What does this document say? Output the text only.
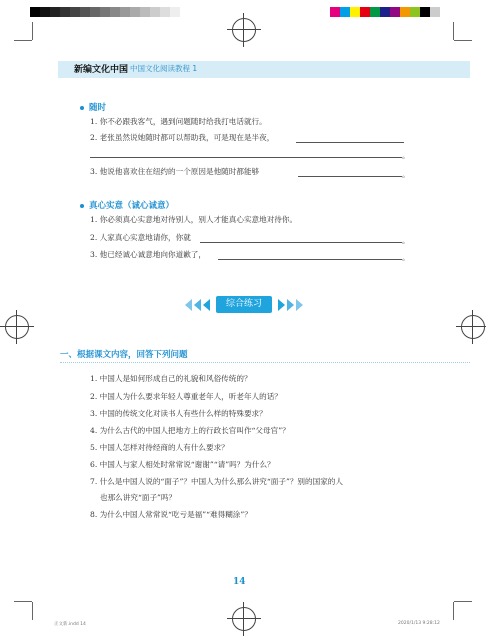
新编文化中国 中国文化阅读教程 1
随时
1. 你不必跟我客气，遇到问题随时给我打电话就行。
2. 老张虽然说她随时都可以帮助我，可是现在是半夜，
。
3. 他说他喜欢住在纽约的一个原因是他随时都能够	。
真心实意（诚心诚意）
1. 你必须真心实意地对待别人，别人才能真心实意地对待你。
2. 人家真心实意地请你，你就	。
3. 他已经诚心诚意地向你道歉了，	。
综合练习
一、根据课文内容，回答下列问题
1. 中国人是如何形成自己的礼貌和风俗传统的？
2. 中国人为什么要求年轻人尊重老年人，听老年人的话？
3. 中国的传统文化对读书人有些什么样的特殊要求？
4. 为什么古代的中国人把地方上的行政长官叫作“父母官”？
5. 中国人怎样对待经商的人有什么要求？
6. 中国人与家人相处时常常说“谢谢”“请”吗？为什么？
7. 什么是中国人说的“面子”？中国人为什么那么讲究“面子”？别的国家的人
也那么讲究“面子”吗？
8. 为什么中国人常常说“吃亏是福”“难得糊涂”？
14
正文新.indd 14	2020/1/13 9:28:12
